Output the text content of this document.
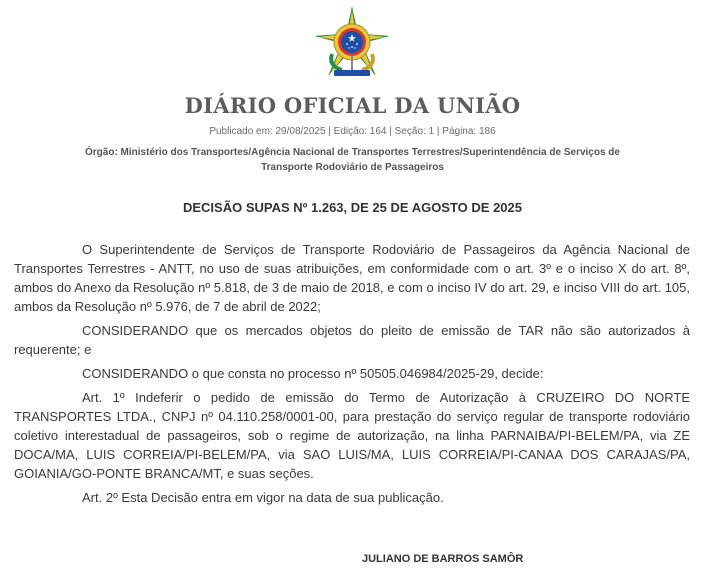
DIÁRIO OFICIAL DA UNIÃO
Publicado em: 29/08/2025 | Edição: 164 | Seção: 1 | Página: 186
Órgão: Ministério dos Transportes/Agência Nacional de Transportes Terrestres/Superintendência de Serviços de Transporte Rodoviário de Passageiros
DECISÃO SUPAS Nº 1.263, DE 25 DE AGOSTO DE 2025

O Superintendente de Serviços de Transporte Rodoviário de Passageiros da Agência Nacional de Transportes Terrestres - ANTT, no uso de suas atribuições, em conformidade com o art. 3º e o inciso X do art. 8º, ambos do Anexo da Resolução nº 5.818, de 3 de maio de 2018, e com o inciso IV do art. 29, e inciso VIII do art. 105, ambos da Resolução nº 5.976, de 7 de abril de 2022;

CONSIDERANDO que os mercados objetos do pleito de emissão de TAR não são autorizados à requerente; e

CONSIDERANDO o que consta no processo nº 50505.046984/2025-29, decide:

Art. 1º Indeferir o pedido de emissão do Termo de Autorização à CRUZEIRO DO NORTE TRANSPORTES LTDA., CNPJ nº 04.110.258/0001-00, para prestação do serviço regular de transporte rodoviário coletivo interestadual de passageiros, sob o regime de autorização, na linha PARNAIBA/PI-BELEM/PA, via ZE DOCA/MA, LUIS CORREIA/PI-BELEM/PA, via SAO LUIS/MA, LUIS CORREIA/PI-CANAA DOS CARAJAS/PA, GOIANIA/GO-PONTE BRANCA/MT, e suas seções.

Art. 2º Esta Decisão entra em vigor na data de sua publicação.

JULIANO DE BARROS SAMÔR
